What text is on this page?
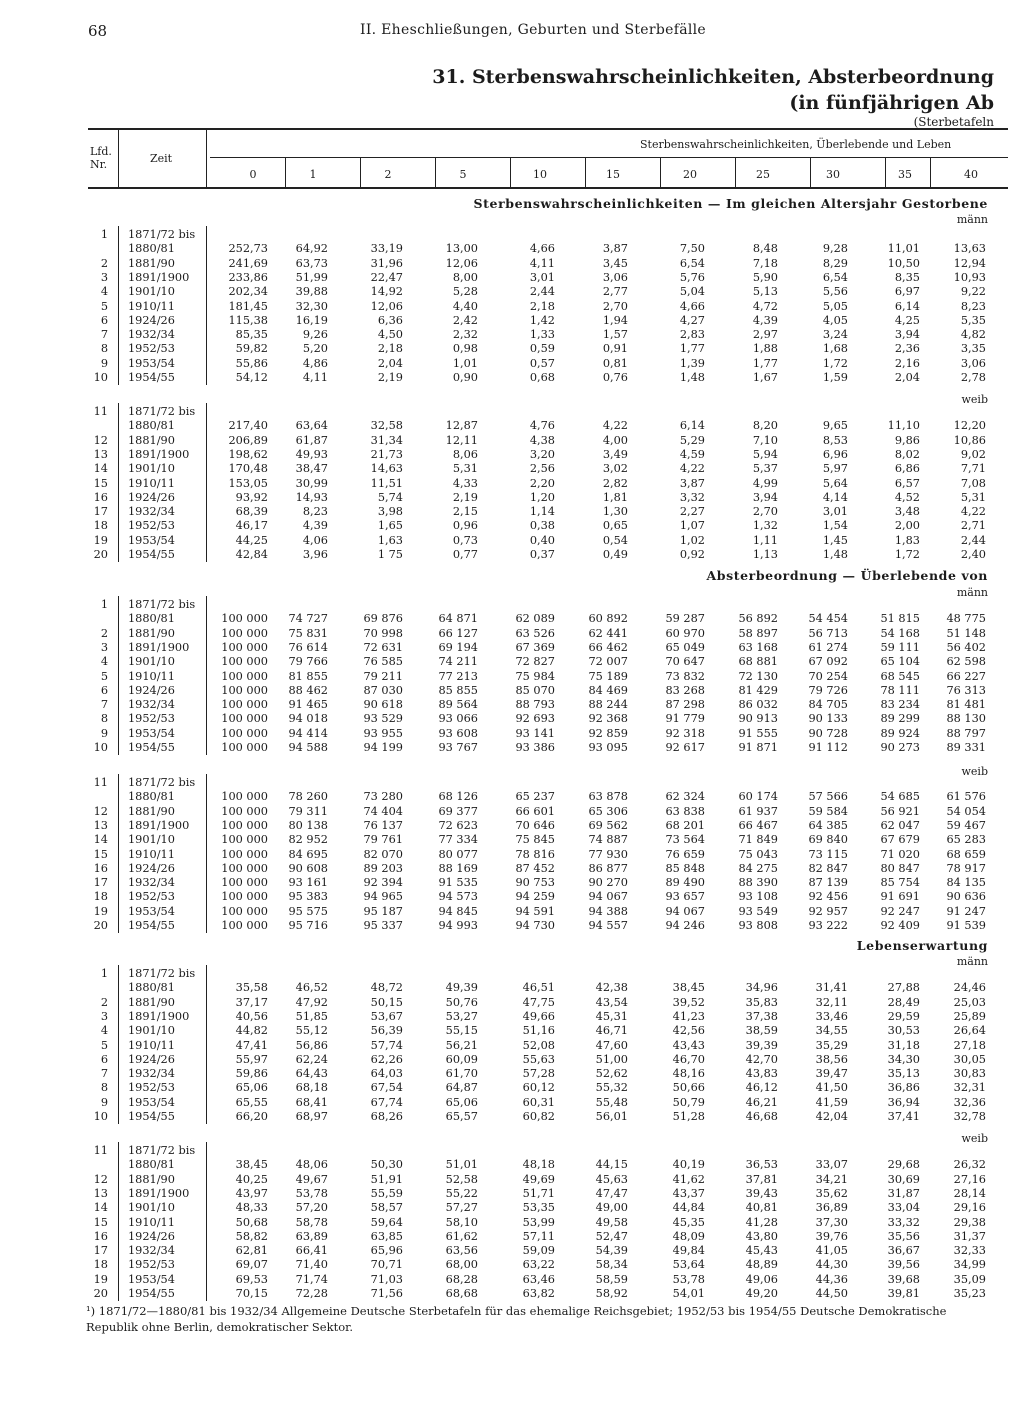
68	II. Eheschließungen, Geburten und Sterbefälle
31. Sterbenswahrscheinlichkeiten, Absterbeordnung
(in fünfjährigen Ab
(Sterbetafeln
Lfd.
Nr.	Zeit
Sterbenswahrscheinlichkeiten, Überlebende und Leben
0	1	2	5	10	15	20	25	30	35	40
Sterbenswahrscheinlichkeiten — Im gleichen Altersjahr Gestorbene
männ
1 1871/72 bis
1880/81	252,73	64,92	33,19	13,00	4,66	3,87	7,50	8,48	9,28	11,01	13,63
2 1881/90	241,69	63,73	31,96	12,06	4,11	3,45	6,54	7,18	8,29	10,50	12,94
3 1891/1900	233,86	51,99	22,47	8,00	3,01	3,06	5,76	5,90	6,54	8,35	10,93
4 1901/10	202,34	39,88	14,92	5,28	2,44	2,77	5,04	5,13	5,56	6,97	9,22
5 1910/11	181,45	32,30	12,06	4,40	2,18	2,70	4,66	4,72	5,05	6,14	8,23
6 1924/26	115,38	16,19	6,36	2,42	1,42	1,94	4,27	4,39	4,05	4,25	5,35
7 1932/34	85,35	9,26	4,50	2,32	1,33	1,57	2,83	2,97	3,24	3,94	4,82
8 1952/53	59,82	5,20	2,18	0,98	0,59	0,91	1,77	1,88	1,68	2,36	3,35
9 1953/54	55,86	4,86	2,04	1,01	0,57	0,81	1,39	1,77	1,72	2,16	3,06
10 1954/55	54,12	4,11	2,19	0,90	0,68	0,76	1,48	1,67	1,59	2,04	2,78
weib
11 1871/72 bis
1880/81	217,40	63,64	32,58	12,87	4,76	4,22	6,14	8,20	9,65	11,10	12,20
12 1881/90	206,89	61,87	31,34	12,11	4,38	4,00	5,29	7,10	8,53	9,86	10,86
13 1891/1900	198,62	49,93	21,73	8,06	3,20	3,49	4,59	5,94	6,96	8,02	9,02
14 1901/10	170,48	38,47	14,63	5,31	2,56	3,02	4,22	5,37	5,97	6,86	7,71
15 1910/11	153,05	30,99	11,51	4,33	2,20	2,82	3,87	4,99	5,64	6,57	7,08
16 1924/26	93,92	14,93	5,74	2,19	1,20	1,81	3,32	3,94	4,14	4,52	5,31
17 1932/34	68,39	8,23	3,98	2,15	1,14	1,30	2,27	2,70	3,01	3,48	4,22
18 1952/53	46,17	4,39	1,65	0,96	0,38	0,65	1,07	1,32	1,54	2,00	2,71
19 1953/54	44,25	4,06	1,63	0,73	0,40	0,54	1,02	1,11	1,45	1,83	2,44
20 1954/55	42,84	3,96	1 75	0,77	0,37	0,49	0,92	1,13	1,48	1,72	2,40
Absterbeordnung — Überlebende von
männ
1 1871/72 bis
1880/81	100 000	74 727	69 876	64 871	62 089	60 892	59 287	56 892	54 454	51 815	48 775
2 1881/90	100 000	75 831	70 998	66 127	63 526	62 441	60 970	58 897	56 713	54 168	51 148
3 1891/1900	100 000	76 614	72 631	69 194	67 369	66 462	65 049	63 168	61 274	59 111	56 402
4 1901/10	100 000	79 766	76 585	74 211	72 827	72 007	70 647	68 881	67 092	65 104	62 598
5 1910/11	100 000	81 855	79 211	77 213	75 984	75 189	73 832	72 130	70 254	68 545	66 227
6 1924/26	100 000	88 462	87 030	85 855	85 070	84 469	83 268	81 429	79 726	78 111	76 313
7 1932/34	100 000	91 465	90 618	89 564	88 793	88 244	87 298	86 032	84 705	83 234	81 481
8 1952/53	100 000	94 018	93 529	93 066	92 693	92 368	91 779	90 913	90 133	89 299	88 130
9 1953/54	100 000	94 414	93 955	93 608	93 141	92 859	92 318	91 555	90 728	89 924	88 797
10 1954/55	100 000	94 588	94 199	93 767	93 386	93 095	92 617	91 871	91 112	90 273	89 331
weib
11 1871/72 bis
1880/81	100 000	78 260	73 280	68 126	65 237	63 878	62 324	60 174	57 566	54 685	61 576
12 1881/90	100 000	79 311	74 404	69 377	66 601	65 306	63 838	61 937	59 584	56 921	54 054
13 1891/1900	100 000	80 138	76 137	72 623	70 646	69 562	68 201	66 467	64 385	62 047	59 467
14 1901/10	100 000	82 952	79 761	77 334	75 845	74 887	73 564	71 849	69 840	67 679	65 283
15 1910/11	100 000	84 695	82 070	80 077	78 816	77 930	76 659	75 043	73 115	71 020	68 659
16 1924/26	100 000	90 608	89 203	88 169	87 452	86 877	85 848	84 275	82 847	80 847	78 917
17 1932/34	100 000	93 161	92 394	91 535	90 753	90 270	89 490	88 390	87 139	85 754	84 135
18 1952/53	100 000	95 383	94 965	94 573	94 259	94 067	93 657	93 108	92 456	91 691	90 636
19 1953/54	100 000	95 575	95 187	94 845	94 591	94 388	94 067	93 549	92 957	92 247	91 247
20 1954/55	100 000	95 716	95 337	94 993	94 730	94 557	94 246	93 808	93 222	92 409	91 539
Lebenserwartung
männ
1 1871/72 bis
1880/81	35,58	46,52	48,72	49,39	46,51	42,38	38,45	34,96	31,41	27,88	24,46
2 1881/90	37,17	47,92	50,15	50,76	47,75	43,54	39,52	35,83	32,11	28,49	25,03
3 1891/1900	40,56	51,85	53,67	53,27	49,66	45,31	41,23	37,38	33,46	29,59	25,89
4 1901/10	44,82	55,12	56,39	55,15	51,16	46,71	42,56	38,59	34,55	30,53	26,64
5 1910/11	47,41	56,86	57,74	56,21	52,08	47,60	43,43	39,39	35,29	31,18	27,18
6 1924/26	55,97	62,24	62,26	60,09	55,63	51,00	46,70	42,70	38,56	34,30	30,05
7 1932/34	59,86	64,43	64,03	61,70	57,28	52,62	48,16	43,83	39,47	35,13	30,83
8 1952/53	65,06	68,18	67,54	64,87	60,12	55,32	50,66	46,12	41,50	36,86	32,31
9 1953/54	65,55	68,41	67,74	65,06	60,31	55,48	50,79	46,21	41,59	36,94	32,36
10 1954/55	66,20	68,97	68,26	65,57	60,82	56,01	51,28	46,68	42,04	37,41	32,78
weib
11 1871/72 bis
1880/81	38,45	48,06	50,30	51,01	48,18	44,15	40,19	36,53	33,07	29,68	26,32
12 1881/90	40,25	49,67	51,91	52,58	49,69	45,63	41,62	37,81	34,21	30,69	27,16
13 1891/1900	43,97	53,78	55,59	55,22	51,71	47,47	43,37	39,43	35,62	31,87	28,14
14 1901/10	48,33	57,20	58,57	57,27	53,35	49,00	44,84	40,81	36,89	33,04	29,16
15 1910/11	50,68	58,78	59,64	58,10	53,99	49,58	45,35	41,28	37,30	33,32	29,38
16 1924/26	58,82	63,89	63,85	61,62	57,11	52,47	48,09	43,80	39,76	35,56	31,37
17 1932/34	62,81	66,41	65,96	63,56	59,09	54,39	49,84	45,43	41,05	36,67	32,33
18 1952/53	69,07	71,40	70,71	68,00	63,22	58,34	53,64	48,89	44,30	39,56	34,99
19 1953/54	69,53	71,74	71,03	68,28	63,46	58,59	53,78	49,06	44,36	39,68	35,09
20 1954/55	70,15	72,28	71,56	68,68	63,82	58,92	54,01	49,20	44,50	39,81	35,23
¹) 1871/72—1880/81 bis 1932/34 Allgemeine Deutsche Sterbetafeln für das ehemalige Reichsgebiet; 1952/53 bis 1954/55 Deutsche Demokratische Republik ohne Berlin, demokratischer Sektor.
